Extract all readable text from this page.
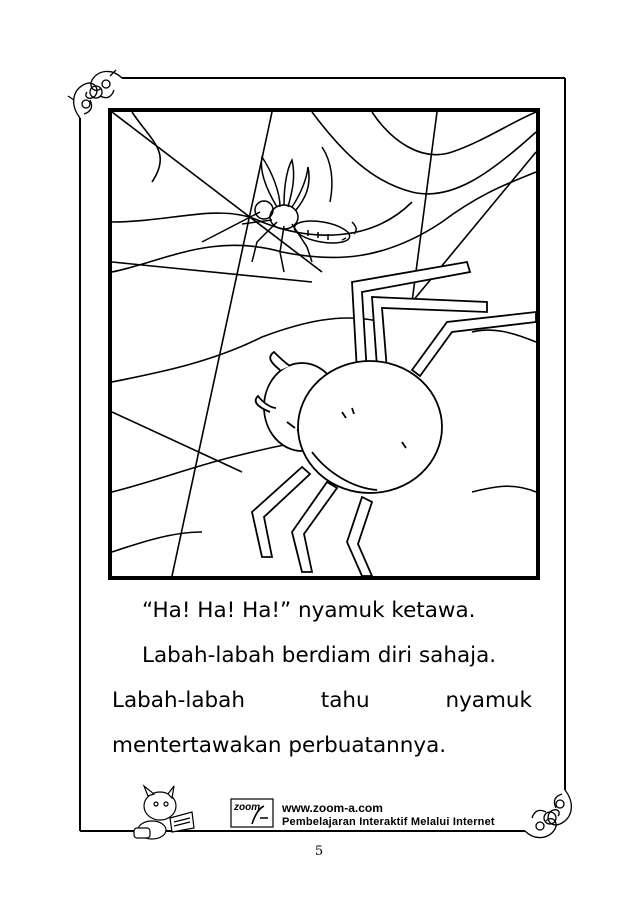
“Ha! Ha! Ha!” nyamuk ketawa.

Labah-labah berdiam diri sahaja.

Labah-labah	tahu	nyamuk

mentertawakan perbuatannya.

zoom www.zoom-a.com
Pembelajaran Interaktif Melalui Internet
5
